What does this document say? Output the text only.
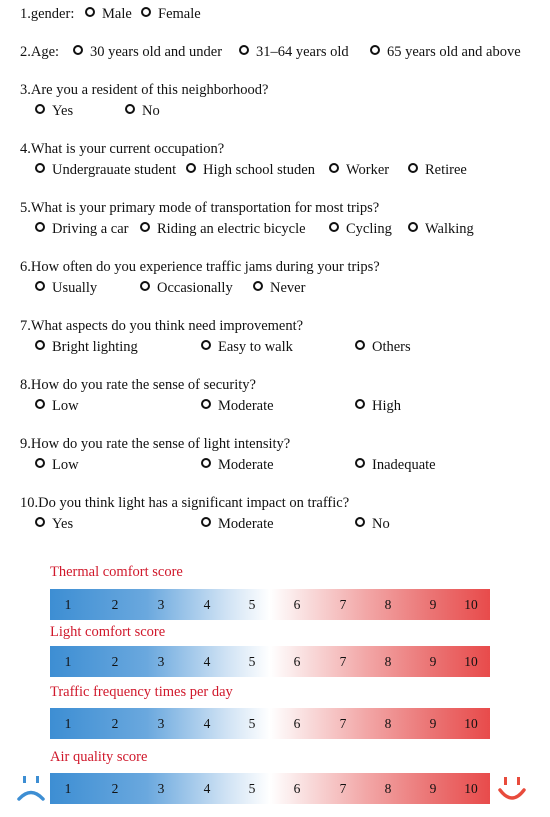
1.gender:	Male	Female
2.Age:	30 years old and under	31–64 years old	65 years old and above
3.Are you a resident of this neighborhood?
Yes	No
4.What is your current occupation?
Undergrauate student	High school studen	Worker	Retiree
5.What is your primary mode of transportation for most trips?
Driving a car	Riding an electric bicycle	Cycling	Walking
6.How often do you experience traffic jams during your trips?
Usually	Occasionally	Never
7.What aspects do you think need improvement?
Bright lighting	Easy to walk	Others
8.How do you rate the sense of security?
Low	Moderate	High
9.How do you rate the sense of light intensity?
Low	Moderate	Inadequate
10.Do you think light has a significant impact on traffic?
Yes	Moderate	No
Thermal comfort score
1	2	3	4	5	6	7	8	9 10
Light comfort score
1	2	3	4	5	6	7	8	9 10
Traffic frequency times per day
1	2	3	4	5	6	7	8	9 10
Air quality score
1	2	3	4	5	6	7	8	9 10
